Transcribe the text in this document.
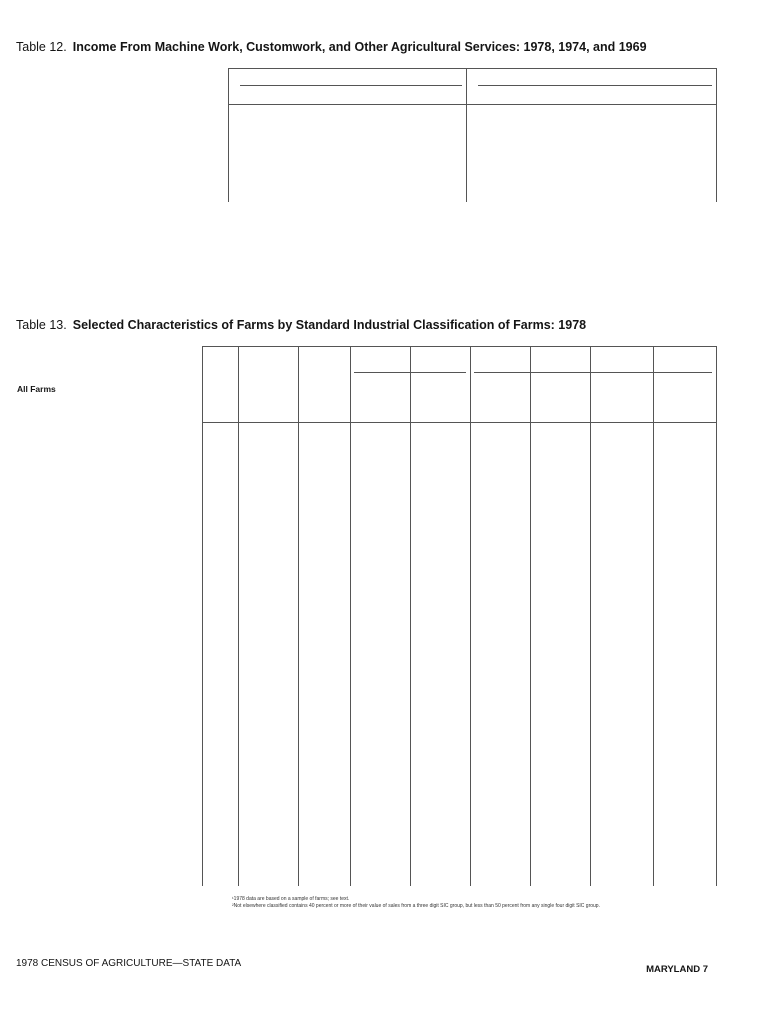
Table 12. Income From Machine Work, Customwork, and Other Agricultural Services: 1978, 1974, and 1969
Table 13. Selected Characteristics of Farms by Standard Industrial Classification of Farms: 1978
All Farms
¹1978 data are based on a sample of farms; see text.
²Not elsewhere classified contains 40 percent or more of their value of sales from a three digit SIC group, but less than 50 percent from any single four digit SIC group.
1978 CENSUS OF AGRICULTURE—STATE DATA
MARYLAND 7
